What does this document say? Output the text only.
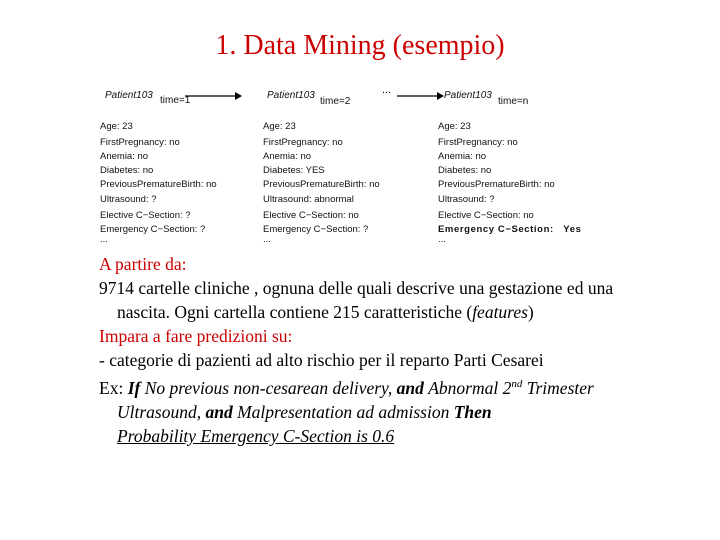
1. Data Mining (esempio)
Patient103 time=1
Age: 23
FirstPregnancy: no
Anemia: no
Diabetes: no
PreviousPrematureBirth: no
Ultrasound: ?
Elective C−Section: ?
Emergency C−Section: ?
...
Patient103
time=2
Age: 23
FirstPregnancy: no
Anemia: no
Diabetes: YES
PreviousPrematureBirth: no
Ultrasound: abnormal
Elective C−Section: no
Emergency C−Section: ?
...
Patient103
time=n
Age: 23
FirstPregnancy: no
Anemia: no
Diabetes: no
PreviousPrematureBirth: no
Ultrasound: ?
Elective C−Section: no
Emergency C−Section:   Yes
...
...

A partire da:

9714 cartelle cliniche , ognuna delle quali descrive una gestazione ed una nascita. Ogni cartella contiene 215 caratteristiche (features)

Impara a fare predizioni su:

- categorie di pazienti ad alto rischio per il reparto Parti Cesarei

Ex: If No previous non-cesarean delivery, and Abnormal 2nd Trimester Ultrasound, and Malpresentation ad admission Then
Probability Emergency C-Section is 0.6
